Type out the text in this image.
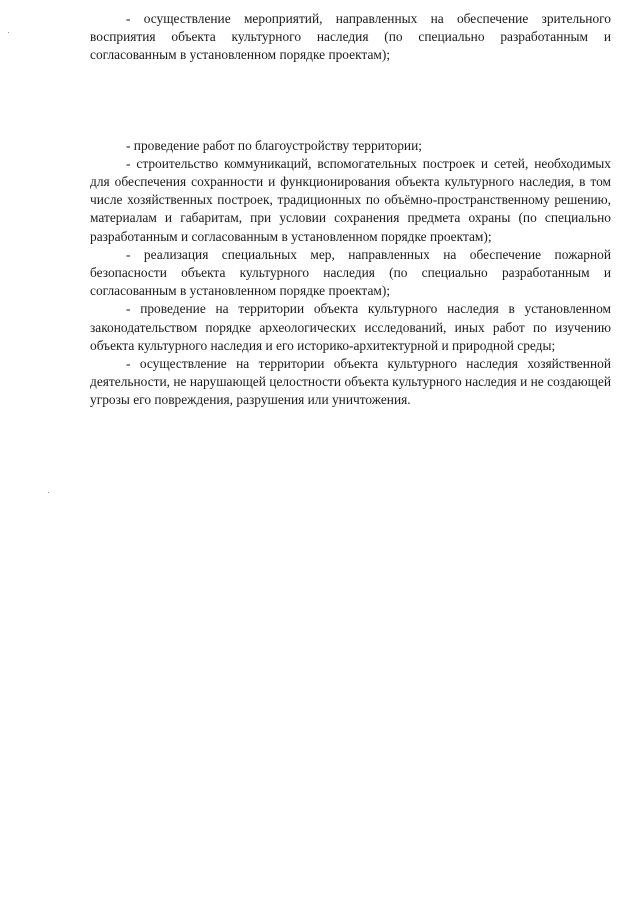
- осуществление мероприятий, направленных на обеспечение зрительного восприятия объекта культурного наследия (по специально разработанным и согласованным в установленном порядке проектам);

- проведение работ по благоустройству территории;

- строительство коммуникаций, вспомогательных построек и сетей, необходимых для обеспечения сохранности и функционирования объекта культурного наследия, в том числе хозяйственных построек, традиционных по объёмно-пространственному решению, материалам и габаритам, при условии сохранения предмета охраны (по специально разработанным и согласованным в установленном порядке проектам);

- реализация специальных мер, направленных на обеспечение пожарной безопасности объекта культурного наследия (по специально разработанным и согласованным в установленном порядке проектам);

- проведение на территории объекта культурного наследия в установленном законодательством порядке археологических исследований, иных работ по изучению объекта культурного наследия и его историко-архитектурной и природной среды;

- осуществление на территории объекта культурного наследия хозяйственной деятельности, не нарушающей целостности объекта культурного наследия и не создающей угрозы его повреждения, разрушения или уничтожения.
